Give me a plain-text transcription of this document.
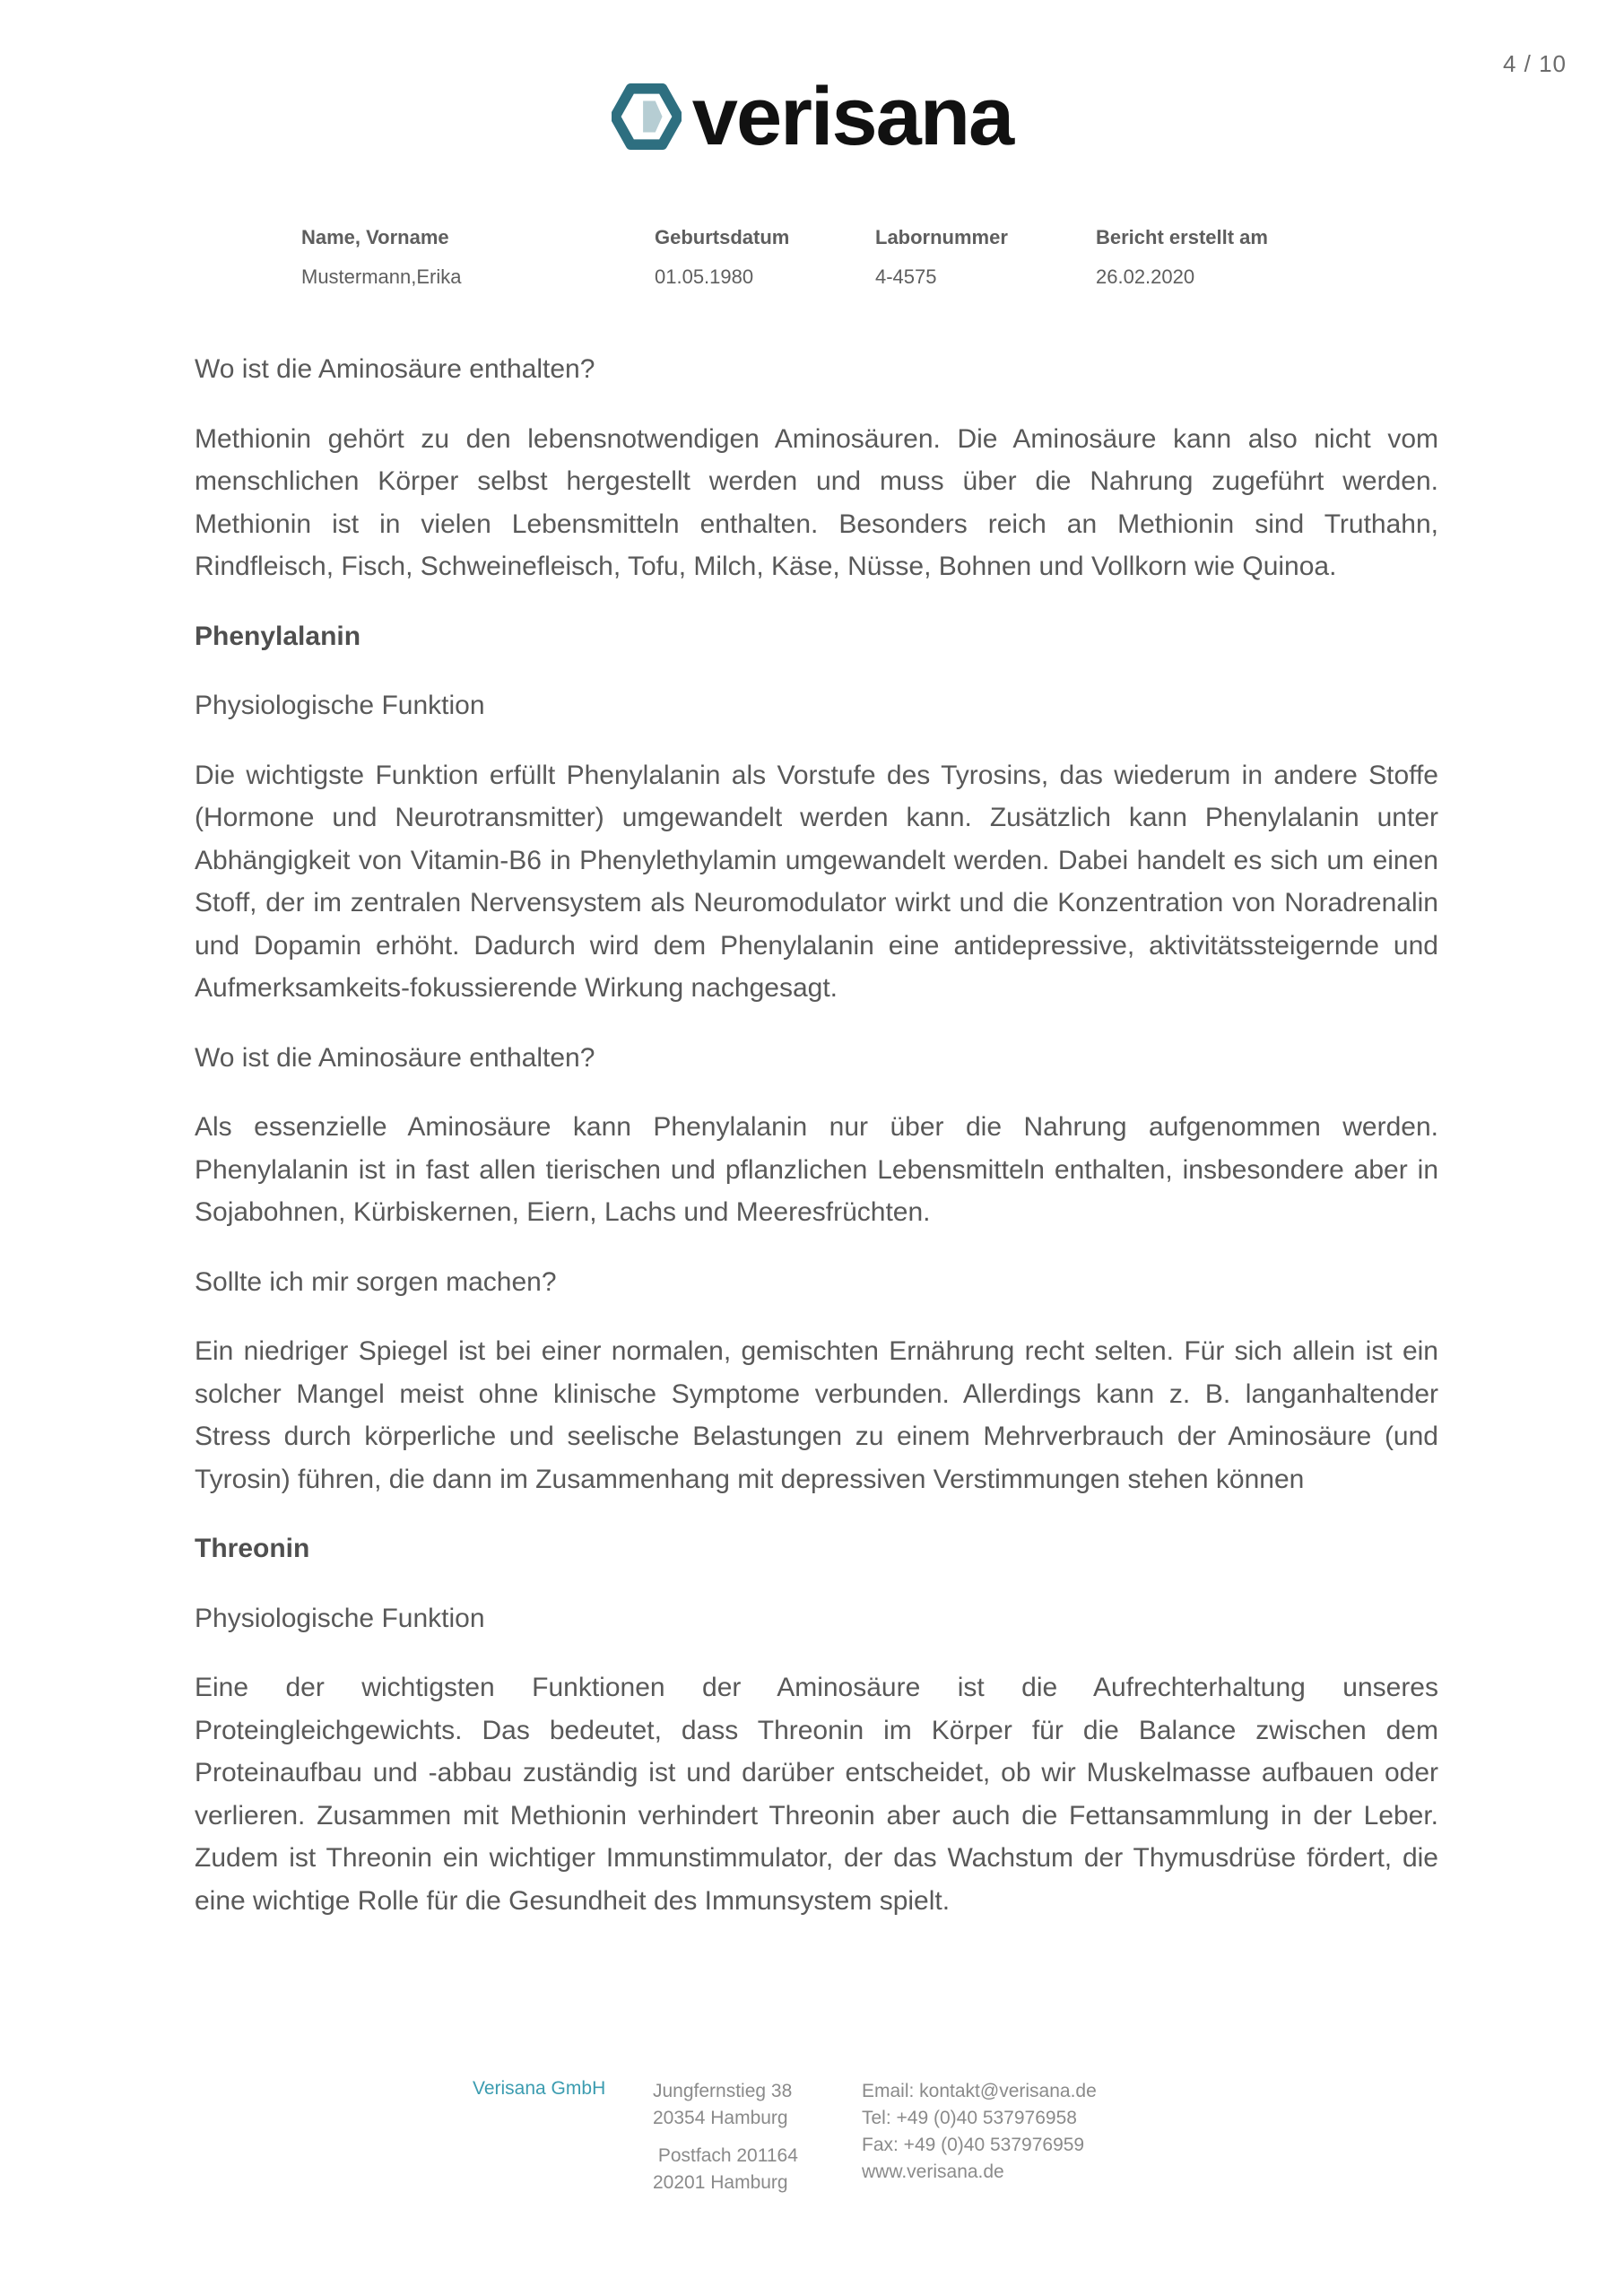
4 / 10
verisana
Name, Vorname
Mustermann,Erika
Geburtsdatum
01.05.1980
Labornummer
4-4575
Bericht erstellt am
26.02.2020

Wo ist die Aminosäure enthalten?

Methionin gehört zu den lebensnotwendigen Aminosäuren. Die Aminosäure kann also nicht vom menschlichen Körper selbst hergestellt werden und muss über die Nahrung zugeführt werden. Methionin ist in vielen Lebensmitteln enthalten. Besonders reich an Methionin sind Truthahn, Rindfleisch, Fisch, Schweinefleisch, Tofu, Milch, Käse, Nüsse, Bohnen und Vollkorn wie Quinoa.

Phenylalanin

Physiologische Funktion

Die wichtigste Funktion erfüllt Phenylalanin als Vorstufe des Tyrosins, das wiederum in andere Stoffe (Hormone und Neurotransmitter) umgewandelt werden kann. Zusätzlich kann Phenylalanin unter Abhängigkeit von Vitamin-B6 in Phenylethylamin umgewandelt werden. Dabei handelt es sich um einen Stoff, der im zentralen Nervensystem als Neuromodulator wirkt und die Konzentration von Noradrenalin und Dopamin erhöht. Dadurch wird dem Phenylalanin eine antidepressive, aktivitätssteigernde und Aufmerksamkeits-fokussierende Wirkung nachgesagt.

Wo ist die Aminosäure enthalten?

Als essenzielle Aminosäure kann Phenylalanin nur über die Nahrung aufgenommen werden. Phenylalanin ist in fast allen tierischen und pflanzlichen Lebensmitteln enthalten, insbesondere aber in Sojabohnen, Kürbiskernen, Eiern, Lachs und Meeresfrüchten.

Sollte ich mir sorgen machen?

Ein niedriger Spiegel ist bei einer normalen, gemischten Ernährung recht selten. Für sich allein ist ein solcher Mangel meist ohne klinische Symptome verbunden. Allerdings kann z. B. langanhaltender Stress durch körperliche und seelische Belastungen zu einem Mehrverbrauch der Aminosäure (und Tyrosin) führen, die dann im Zusammenhang mit depressiven Verstimmungen stehen können

Threonin

Physiologische Funktion

Eine der wichtigsten Funktionen der Aminosäure ist die Aufrechterhaltung unseres Proteingleichgewichts. Das bedeutet, dass Threonin im Körper für die Balance zwischen dem Proteinaufbau und -abbau zuständig ist und darüber entscheidet, ob wir Muskelmasse aufbauen oder verlieren. Zusammen mit Methionin verhindert Threonin aber auch die Fettansammlung in der Leber. Zudem ist Threonin ein wichtiger Immunstimmulator, der das Wachstum der Thymusdrüse fördert, die eine wichtige Rolle für die Gesundheit des Immunsystem spielt.

Verisana GmbH	Jungfernstieg 38
20354 Hamburg
Postfach 201164
20201 Hamburg
Email: kontakt@verisana.de
Tel: +49 (0)40 537976958
Fax: +49 (0)40 537976959
www.verisana.de
